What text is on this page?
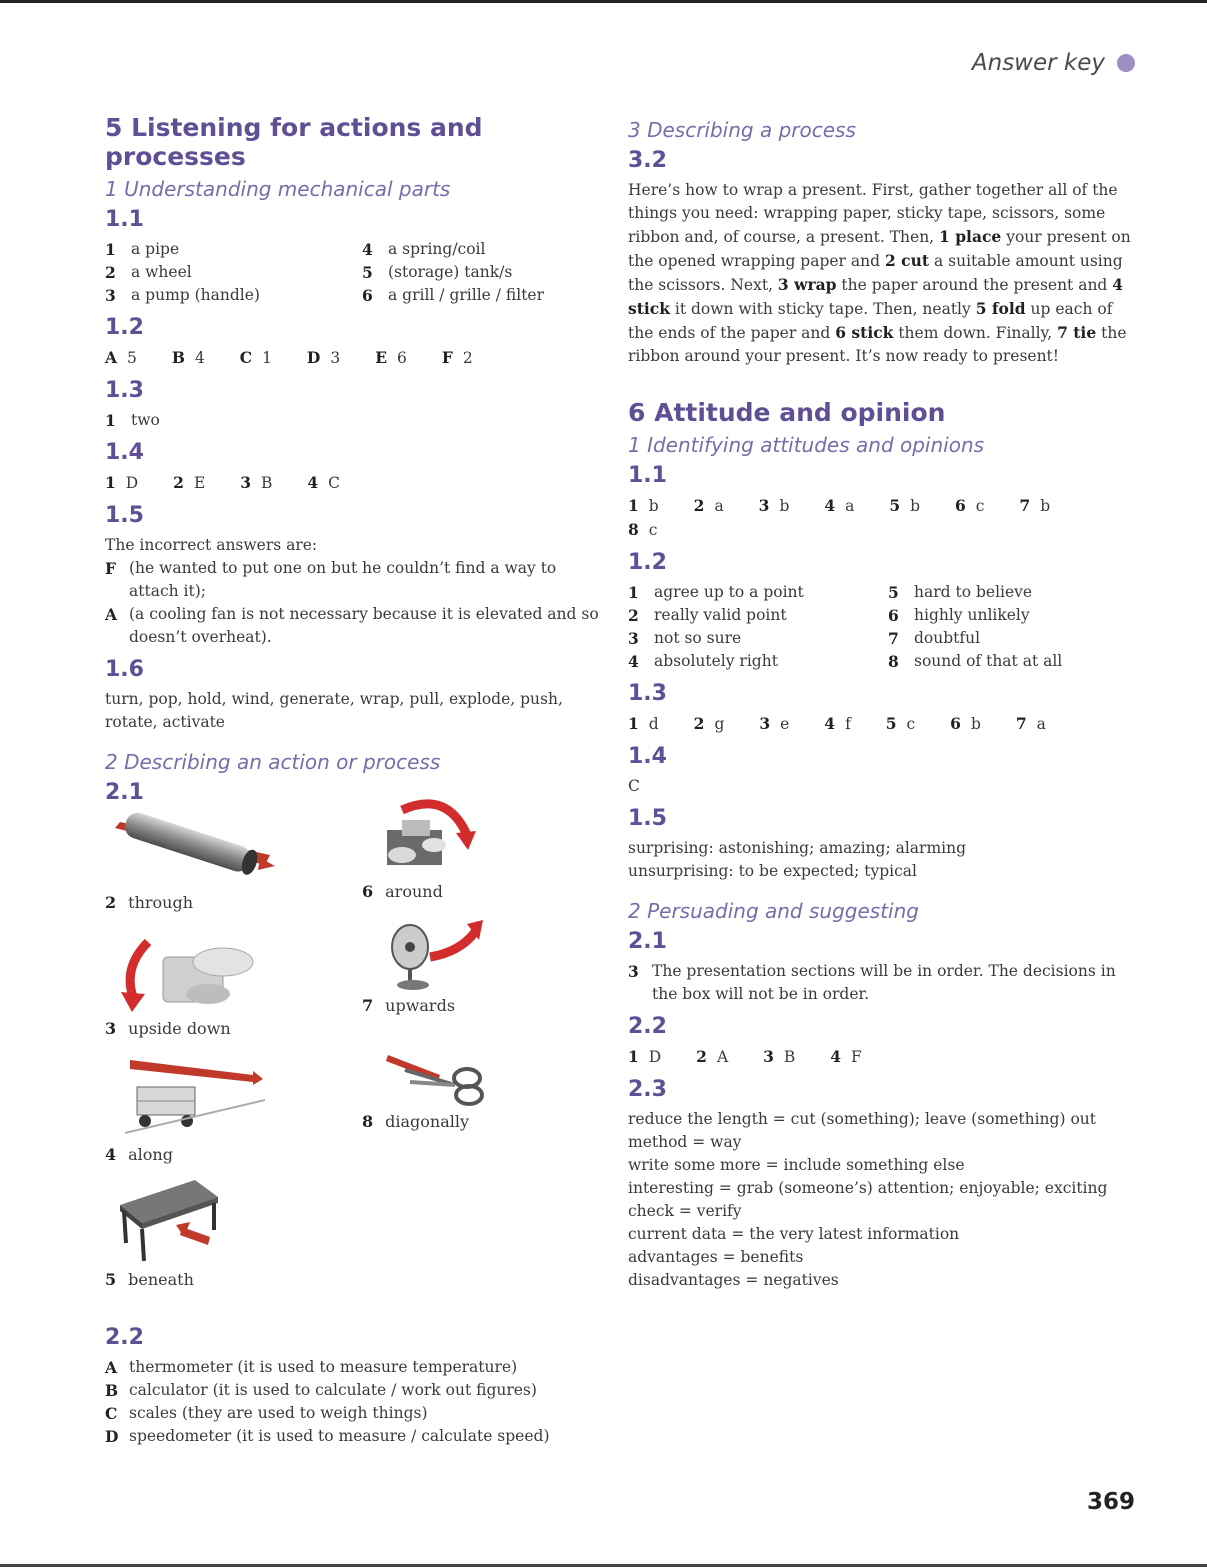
Answer key
5 Listening for actions and processes
1 Understanding mechanical parts
1.1
1 a pipe	4 a spring/coil
2 a wheel	5 (storage) tank/s
3 a pump (handle)	6 a grill / grille / filter
1.2
A 5 B 4 C 1 D 3 E 6 F 2
1.3
1 two
1.4
1 D 2 E 3 B 4 C
1.5
The incorrect answers are:
F (he wanted to put one on but he couldn’t find a way to attach it);
A (a cooling fan is not necessary because it is elevated and so doesn’t overheat).
1.6
turn, pop, hold, wind, generate, wrap, pull, explode, push, rotate, activate
2 Describing an action or process
2.1
2 through
3 upside down
4 along
5 beneath
6 around
7 upwards
8 diagonally
2.2
A thermometer (it is used to measure temperature)
B calculator (it is used to calculate / work out figures)
C scales (they are used to weigh things)
D speedometer (it is used to measure / calculate speed)
3 Describing a process
3.2
Here’s how to wrap a present. First, gather together all of the things you need: wrapping paper, sticky tape, scissors, some ribbon and, of course, a present. Then, 1 place your present on the opened wrapping paper and 2 cut a suitable amount using the scissors. Next, 3 wrap the paper around the present and 4 stick it down with sticky tape. Then, neatly 5 fold up each of the ends of the paper and 6 stick them down. Finally, 7 tie the ribbon around your present. It’s now ready to present!
6 Attitude and opinion
1 Identifying attitudes and opinions
1.1
1 b 2 a 3 b 4 a 5 b 6 c 7 b 8 c
1.2
1 agree up to a point	5 hard to believe
2 really valid point	6 highly unlikely
3 not so sure	7 doubtful
4 absolutely right	8 sound of that at all
1.3
1 d 2 g 3 e 4 f 5 c 6 b 7 a
1.4
C
1.5
surprising: astonishing; amazing; alarming
unsurprising: to be expected; typical
2 Persuading and suggesting
2.1
3 The presentation sections will be in order. The decisions in the box will not be in order.
2.2
1 D 2 A 3 B 4 F
2.3
reduce the length = cut (something); leave (something) out
method = way
write some more = include something else
interesting = grab (someone’s) attention; enjoyable; exciting
check = verify
current data = the very latest information
advantages = benefits
disadvantages = negatives
369
